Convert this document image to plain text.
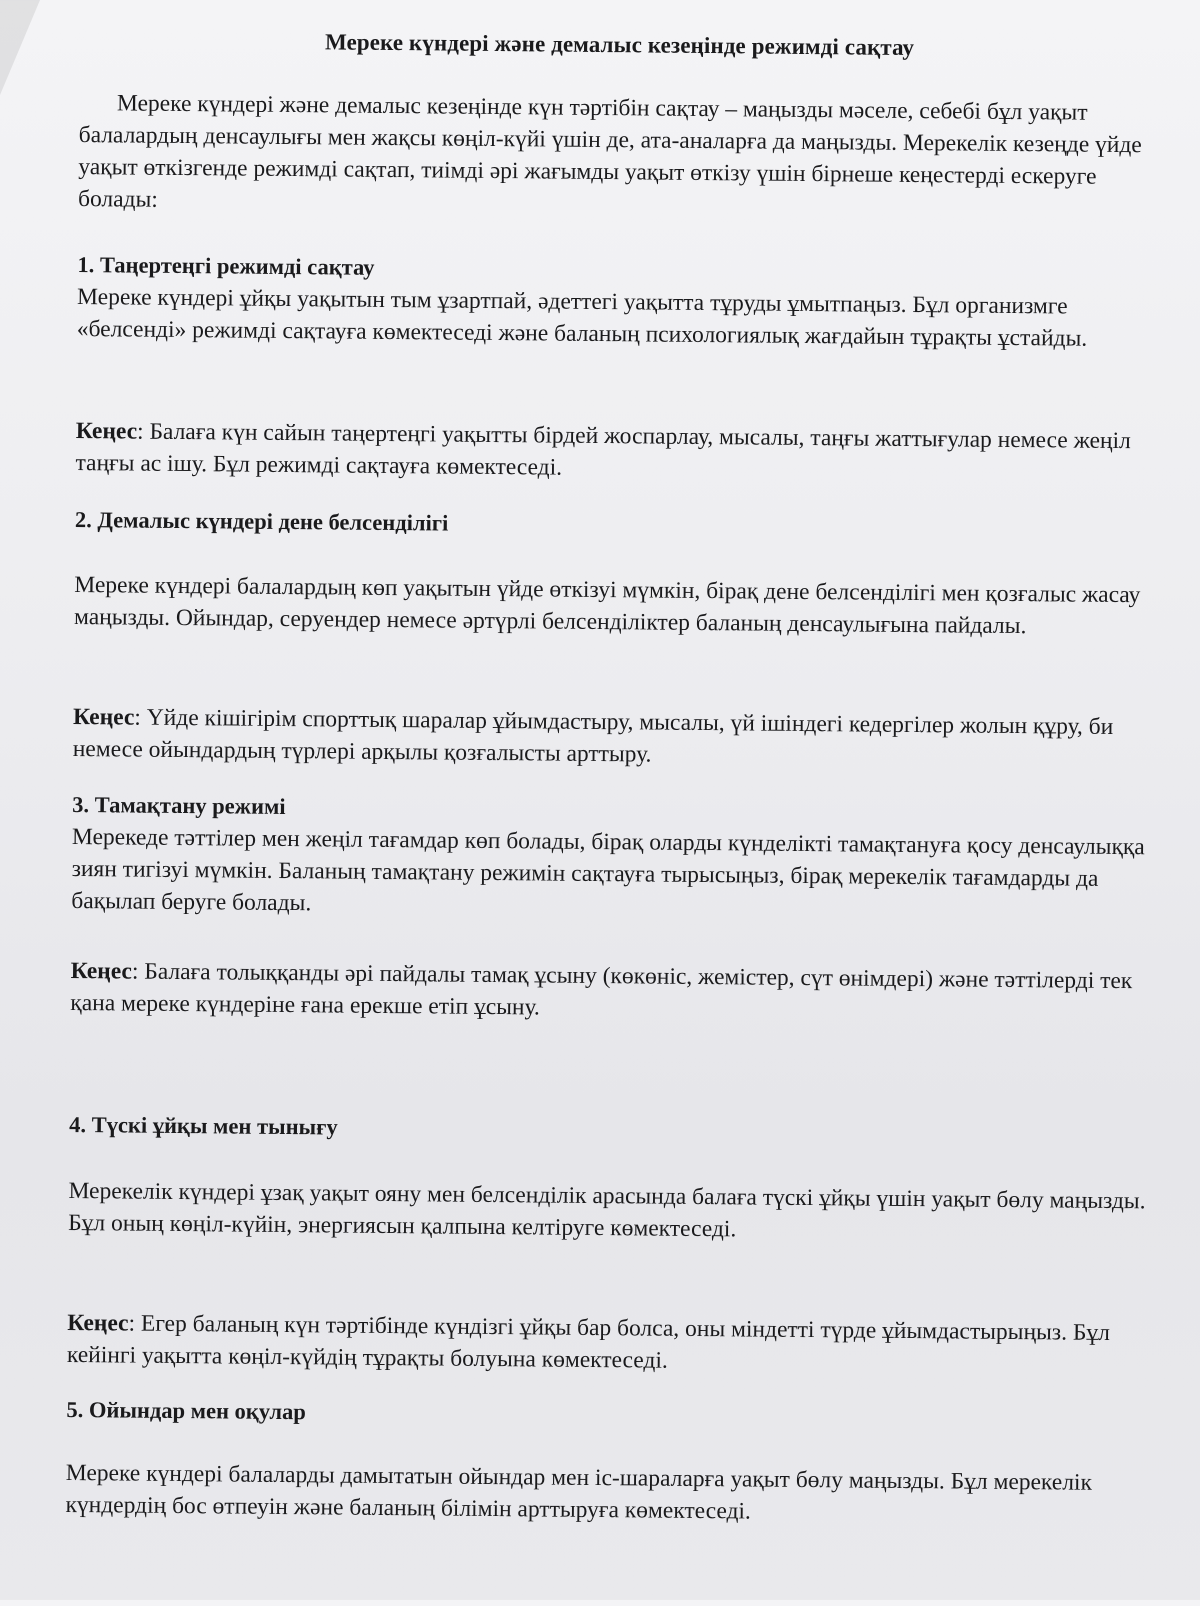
Мереке күндері және демалыс кезеңінде режимді сақтау

Мереке күндері және демалыс кезеңінде күн тәртібін сақтау – маңызды мәселе, себебі бұл уақыт балалардың денсаулығы мен жақсы көңіл-күйі үшін де, ата-аналарға да маңызды. Мерекелік кезеңде үйде уақыт өткізгенде режимді сақтап, тиімді әрі жағымды уақыт өткізу үшін бірнеше кеңестерді ескеруге болады:

1. Таңертеңгі режимді сақтау

Мереке күндері ұйқы уақытын тым ұзартпай, әдеттегі уақытта тұруды ұмытпаңыз. Бұл организмге «белсенді» режимді сақтауға көмектеседі және баланың психологиялық жағдайын тұрақты ұстайды.

Кеңес: Балаға күн сайын таңертеңгі уақытты бірдей жоспарлау, мысалы, таңғы жаттығулар немесе жеңіл таңғы ас ішу. Бұл режимді сақтауға көмектеседі.

2. Демалыс күндері дене белсенділігі

Мереке күндері балалардың көп уақытын үйде өткізуі мүмкін, бірақ дене белсенділігі мен қозғалыс жасау маңызды. Ойындар, серуендер немесе әртүрлі белсенділіктер баланың денсаулығына пайдалы.

Кеңес: Үйде кішігірім спорттық шаралар ұйымдастыру, мысалы, үй ішіндегі кедергілер жолын құру, би немесе ойындардың түрлері арқылы қозғалысты арттыру.

3. Тамақтану режимі

Мерекеде тәттілер мен жеңіл тағамдар көп болады, бірақ оларды күнделікті тамақтануға қосу денсаулыққа зиян тигізуі мүмкін. Баланың тамақтану режимін сақтауға тырысыңыз, бірақ мерекелік тағамдарды да бақылап беруге болады.

Кеңес: Балаға толыққанды әрі пайдалы тамақ ұсыну (көкөніс, жемістер, сүт өнімдері) және тәттілерді тек қана мереке күндеріне ғана ерекше етіп ұсыну.

4. Түскі ұйқы мен тынығу

Мерекелік күндері ұзақ уақыт ояну мен белсенділік арасында балаға түскі ұйқы үшін уақыт бөлу маңызды. Бұл оның көңіл-күйін, энергиясын қалпына келтіруге көмектеседі.

Кеңес: Егер баланың күн тәртібінде күндізгі ұйқы бар болса, оны міндетті түрде ұйымдастырыңыз. Бұл кейінгі уақытта көңіл-күйдің тұрақты болуына көмектеседі.

5. Ойындар мен оқулар

Мереке күндері балаларды дамытатын ойындар мен іс-шараларға уақыт бөлу маңызды. Бұл мерекелік күндердің бос өтпеуін және баланың білімін арттыруға көмектеседі.
